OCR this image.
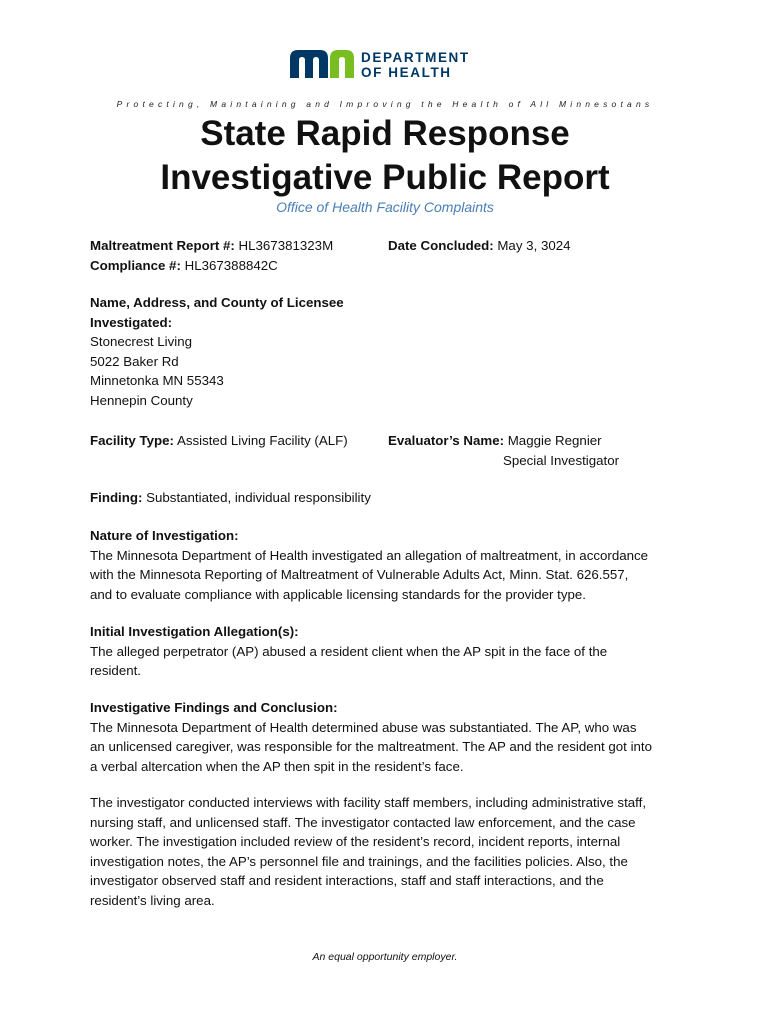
DEPARTMENT
OF HEALTH
Protecting, Maintaining and Improving the Health of All Minnesotans
State Rapid Response
Investigative Public Report
Office of Health Facility Complaints
Maltreatment Report #: HL367381323M
Compliance #: HL367388842C
Date Concluded: May 3, 3024
Name, Address, and County of Licensee
Investigated:
Stonecrest Living
5022 Baker Rd
Minnetonka MN 55343
Hennepin County
Facility Type: Assisted Living Facility (ALF)	Evaluator’s Name: Maggie Regnier
Special Investigator
Finding: Substantiated, individual responsibility
Nature of Investigation:
The Minnesota Department of Health investigated an allegation of maltreatment, in accordance
with the Minnesota Reporting of Maltreatment of Vulnerable Adults Act, Minn. Stat. 626.557,
and to evaluate compliance with applicable licensing standards for the provider type.
Initial Investigation Allegation(s):
The alleged perpetrator (AP) abused a resident client when the AP spit in the face of the
resident.
Investigative Findings and Conclusion:
The Minnesota Department of Health determined abuse was substantiated. The AP, who was
an unlicensed caregiver, was responsible for the maltreatment. The AP and the resident got into
a verbal altercation when the AP then spit in the resident’s face.
The investigator conducted interviews with facility staff members, including administrative staff,
nursing staff, and unlicensed staff. The investigator contacted law enforcement, and the case
worker. The investigation included review of the resident’s record, incident reports, internal
investigation notes, the AP’s personnel file and trainings, and the facilities policies. Also, the
investigator observed staff and resident interactions, staff and staff interactions, and the
resident’s living area.
An equal opportunity employer.
